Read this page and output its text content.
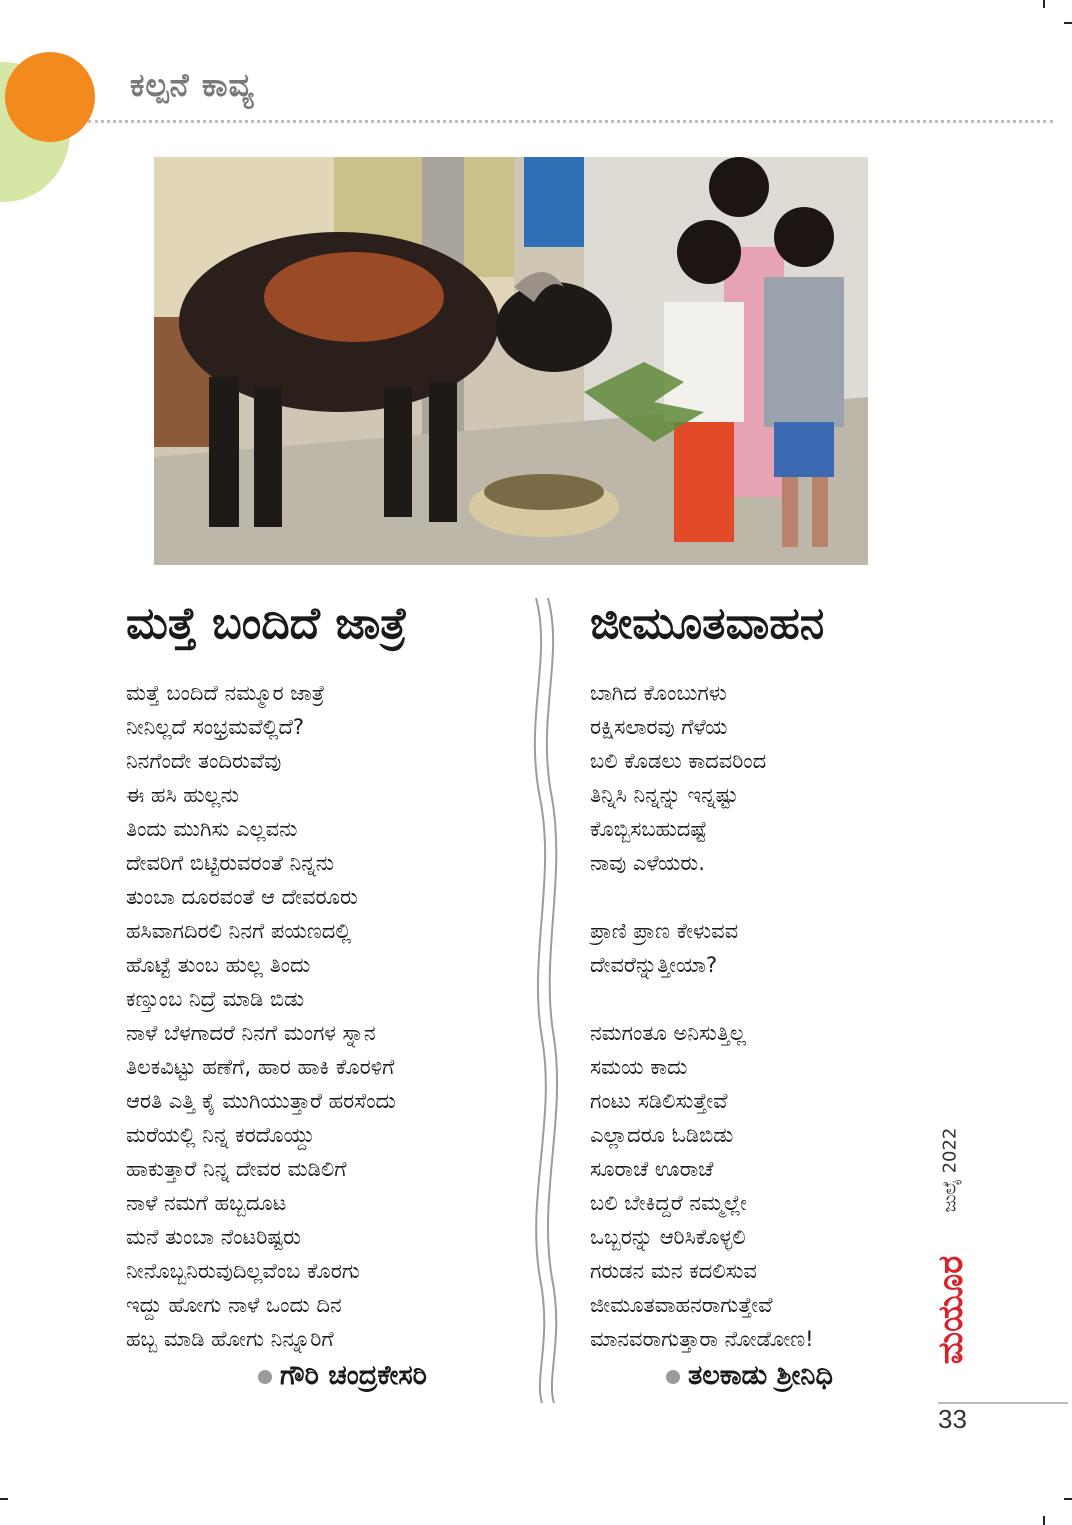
ಕಲ್ಪನೆ ಕಾವ್ಯ
ಮತ್ತೆ ಬಂದಿದೆ ಜಾತ್ರೆ
ಮತ್ತೆ ಬಂದಿದೆ ನಮ್ಮೂರ ಜಾತ್ರೆ
ನೀನಿಲ್ಲದೆ ಸಂಭ್ರಮವೆಲ್ಲಿದೆ?
ನಿನಗೆಂದೇ ತಂದಿರುವೆವು
ಈ ಹಸಿ ಹುಲ್ಲನು
ತಿಂದು ಮುಗಿಸು ಎಲ್ಲವನು
ದೇವರಿಗೆ ಬಿಟ್ಟಿರುವರಂತೆ ನಿನ್ನನು
ತುಂಬಾ ದೂರವಂತೆ ಆ ದೇವರೂರು
ಹಸಿವಾಗದಿರಲಿ ನಿನಗೆ ಪಯಣದಲ್ಲಿ
ಹೊಟ್ಟೆ ತುಂಬ ಹುಲ್ಲ ತಿಂದು
ಕಣ್ತುಂಬ ನಿದ್ರೆ ಮಾಡಿ ಬಿಡು
ನಾಳೆ ಬೆಳಗಾದರೆ ನಿನಗೆ ಮಂಗಳ ಸ್ನಾನ
ತಿಲಕವಿಟ್ಟು ಹಣೆಗೆ, ಹಾರ ಹಾಕಿ ಕೊರಳಿಗೆ
ಆರತಿ ಎತ್ತಿ ಕೈ ಮುಗಿಯುತ್ತಾರೆ ಹರಸೆಂದು
ಮರೆಯಲ್ಲಿ ನಿನ್ನ ಕರದೊಯ್ದು
ಹಾಕುತ್ತಾರೆ ನಿನ್ನ ದೇವರ ಮಡಿಲಿಗೆ
ನಾಳೆ ನಮಗೆ ಹಬ್ಬದೂಟ
ಮನೆ ತುಂಬಾ ನೆಂಟರಿಷ್ಟರು
ನೀನೊಬ್ಬನಿರುವುದಿಲ್ಲವೆಂಬ ಕೊರಗು
ಇದ್ದು ಹೋಗು ನಾಳೆ ಒಂದು ದಿನ
ಹಬ್ಬ ಮಾಡಿ ಹೋಗು ನಿನ್ನೂರಿಗೆ
ಗೌರಿ ಚಂದ್ರಕೇಸರಿ
ಜೀಮೂತವಾಹನ
ಬಾಗಿದ ಕೊಂಬುಗಳು
ರಕ್ಷಿಸಲಾರವು ಗೆಳೆಯ
ಬಲಿ ಕೊಡಲು ಕಾದವರಿಂದ
ತಿನ್ನಿಸಿ ನಿನ್ನನ್ನು ಇನ್ನಷ್ಟು
ಕೊಬ್ಬಿಸಬಹುದಷ್ಟೆ
ನಾವು ಎಳೆಯರು.
ಪ್ರಾಣಿ ಪ್ರಾಣ ಕೇಳುವವ
ದೇವರೆನ್ನುತ್ತೀಯಾ?
ನಮಗಂತೂ ಅನಿಸುತ್ತಿಲ್ಲ
ಸಮಯ ಕಾದು
ಗಂಟು ಸಡಿಲಿಸುತ್ತೇವೆ
ಎಲ್ಲಾದರೂ ಓಡಿಬಿಡು
ಸೂರಾಚೆ ಊರಾಚೆ
ಬಲಿ ಬೇಕಿದ್ದರೆ ನಮ್ಮಲ್ಲೇ
ಒಬ್ಬರನ್ನು ಆರಿಸಿಕೊಳ್ಳಲಿ
ಗರುಡನ ಮನ ಕದಲಿಸುವ
ಜೀಮೂತವಾಹನರಾಗುತ್ತೇವೆ
ಮಾನವರಾಗುತ್ತಾರಾ ನೋಡೋಣ!
ತಲಕಾಡು ಶ್ರೀನಿಧಿ
ಜುಲೈ 2022
ಮಯೂರ
33
